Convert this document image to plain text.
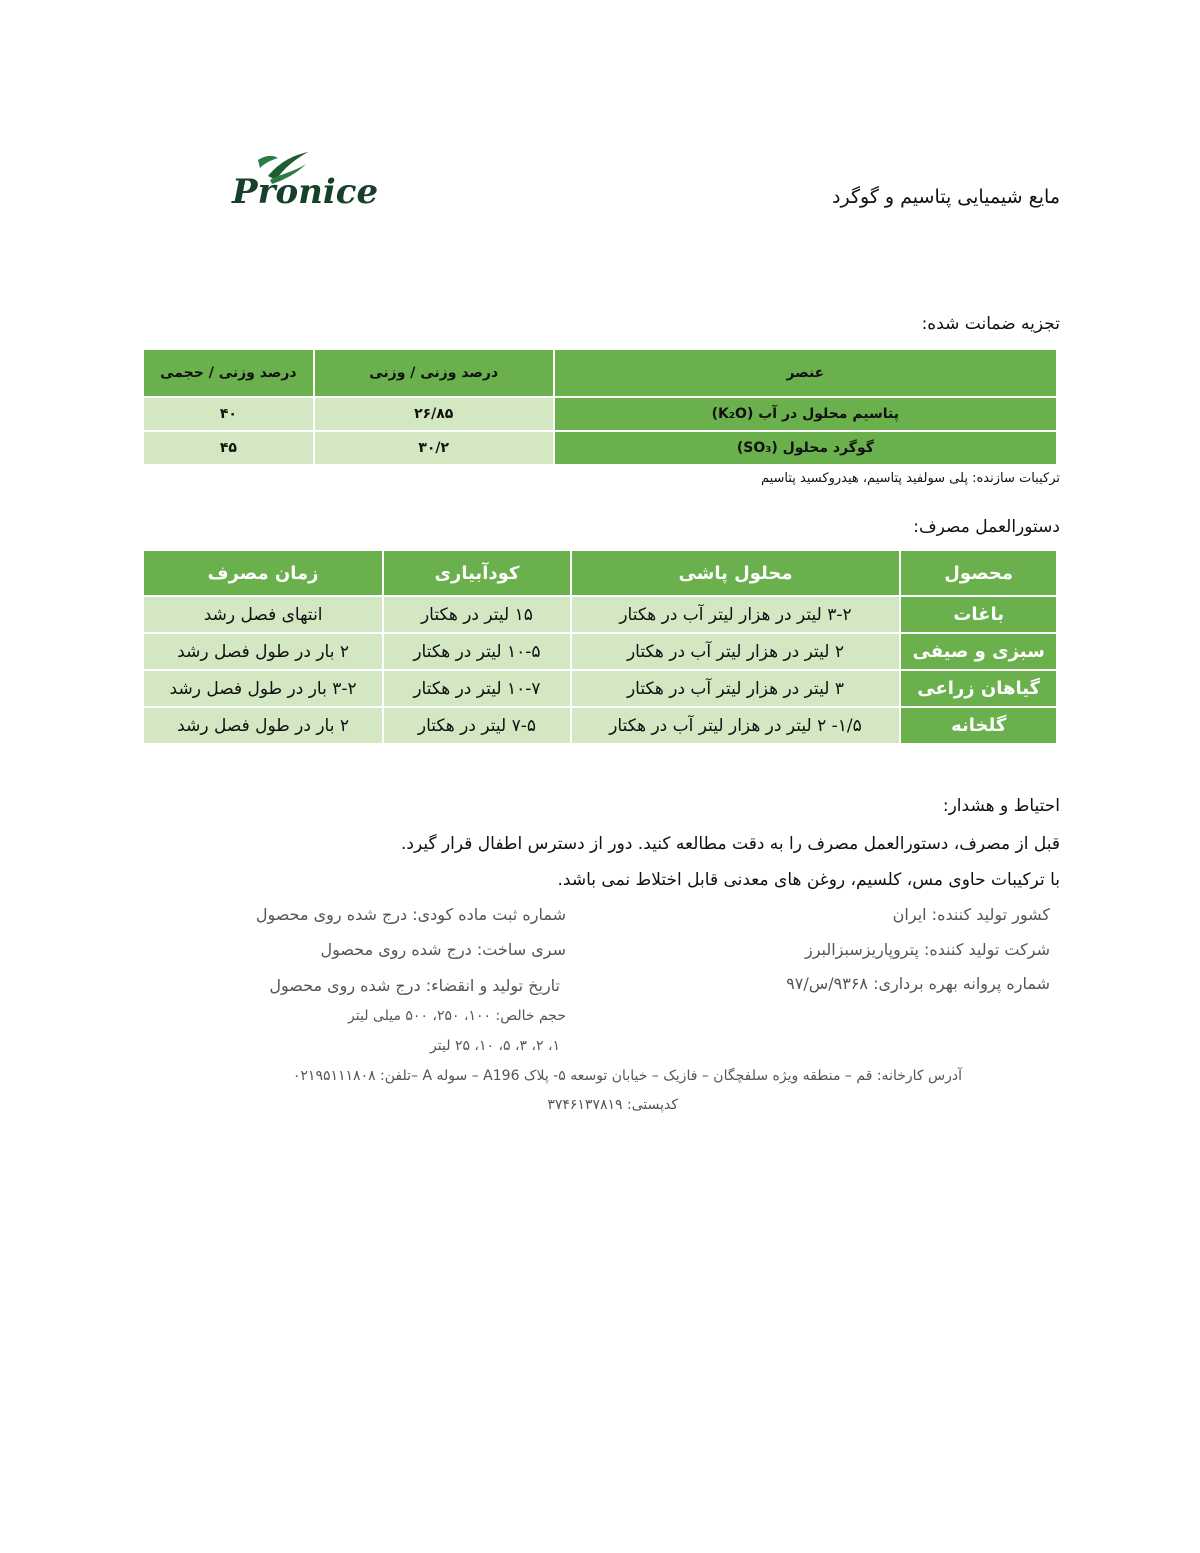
Pronice	مایع شیمیایی پتاسیم و گوگرد
تجزیه ضمانت شده:
عنصر	درصد وزنی / وزنی	درصد وزنی / حجمی
پتاسیم محلول در آب (K₂O)	۲۶/۸۵	۴۰
گوگرد محلول (SO₃)	۳۰/۲	۴۵
ترکیبات سازنده: پلی سولفید پتاسیم، هیدروکسید پتاسیم
دستورالعمل مصرف:
محصول	محلول پاشی	کودآبیاری	زمان مصرف
باغات	۳-۲ لیتر در هزار لیتر آب در هکتار	۱۵ لیتر در هکتار	انتهای فصل رشد
سبزی و صیفی	۲ لیتر در هزار لیتر آب در هکتار	۱۰-۵ لیتر در هکتار	۲ بار در طول فصل رشد
گیاهان زراعی	۳ لیتر در هزار لیتر آب در هکتار	۱۰-۷ لیتر در هکتار	۳-۲ بار در طول فصل رشد
گلخانه	۱/۵- ۲ لیتر در هزار لیتر آب در هکتار	۷-۵ لیتر در هکتار	۲ بار در طول فصل رشد
احتیاط و هشدار:
قبل از مصرف، دستورالعمل مصرف را به دقت مطالعه کنید. دور از دسترس اطفال قرار گیرد.
با ترکیبات حاوی مس، کلسیم، روغن های معدنی قابل اختلاط نمی باشد.
کشور تولید کننده: ایران
شرکت تولید کننده: پتروپاریزسبزالبرز
شماره پروانه بهره برداری: ۹۳۶۸/س/۹۷
شماره ثبت ماده کودی: درج شده روی محصول
سری ساخت: درج شده روی محصول
تاریخ تولید و انقضاء: درج شده روی محصول
حجم خالص: ۱۰۰، ۲۵۰، ۵۰۰ میلی لیتر
۱، ۲، ۳، ۵، ۱۰، ۲۵ لیتر
آدرس کارخانه: قم – منطقه ویژه سلفچگان – فازیک – خیابان توسعه ۵- پلاک A196 – سوله A –تلفن: ۰۲۱۹۵۱۱۱۸۰۸
کدپستی: ۳۷۴۶۱۳۷۸۱۹
